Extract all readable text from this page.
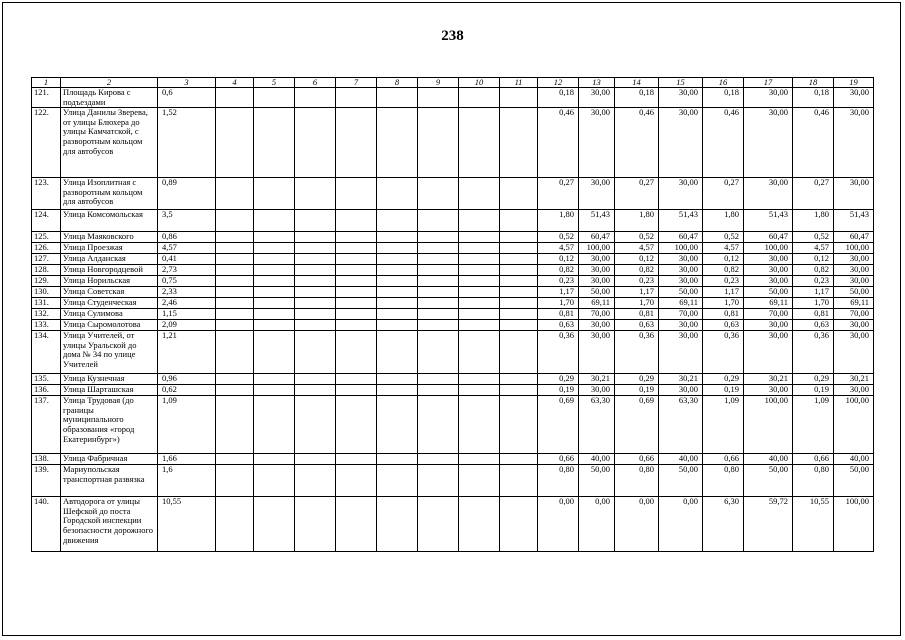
238
1	2	3	4	5	6	7	8	9	10	11	12	13	14	15	16	17	18	19
121.	Площадь Кирова с подъездами	0,6									0,18	30,00	0,18	30,00	0,18	30,00	0,18	30,00
122.	Улица Данилы Зверева, от улицы Блюхера до улицы Камчатской, с разворотным кольцом для автобусов	1,52									0,46	30,00	0,46	30,00	0,46	30,00	0,46	30,00
123.	Улица Изоплитная с разворотным кольцом для автобусов	0,89									0,27	30,00	0,27	30,00	0,27	30,00	0,27	30,00
124.	Улица Комсомольская	3,5									1,80	51,43	1,80	51,43	1,80	51,43	1,80	51,43
125.	Улица Маяковского	0,86									0,52	60,47	0,52	60,47	0,52	60,47	0,52	60,47
126.	Улица Проезжая	4,57									4,57	100,00	4,57	100,00	4,57	100,00	4,57	100,00
127.	Улица Алданская	0,41									0,12	30,00	0,12	30,00	0,12	30,00	0,12	30,00
128.	Улица Новгородцевой	2,73									0,82	30,00	0,82	30,00	0,82	30,00	0,82	30,00
129.	Улица Норильская	0,75									0,23	30,00	0,23	30,00	0,23	30,00	0,23	30,00
130.	Улица Советская	2,33									1,17	50,00	1,17	50,00	1,17	50,00	1,17	50,00
131.	Улица Студенческая	2,46									1,70	69,11	1,70	69,11	1,70	69,11	1,70	69,11
132.	Улица Сулимова	1,15									0,81	70,00	0,81	70,00	0,81	70,00	0,81	70,00
133.	Улица Сыромолотова	2,09									0,63	30,00	0,63	30,00	0,63	30,00	0,63	30,00
134.	Улица Учителей, от улицы Уральской до дома № 34 по улице Учителей	1,21									0,36	30,00	0,36	30,00	0,36	30,00	0,36	30,00
135.	Улица Кузнечная	0,96									0,29	30,21	0,29	30,21	0,29	30,21	0,29	30,21
136.	Улица Шарташская	0,62									0,19	30,00	0,19	30,00	0,19	30,00	0,19	30,00
137.	Улица Трудовая (до границы муниципального образования «город Екатеринбург»)	1,09									0,69	63,30	0,69	63,30	1,09	100,00	1,09	100,00
138.	Улица Фабричная	1,66									0,66	40,00	0,66	40,00	0,66	40,00	0,66	40,00
139.	Мариупольская транспортная развязка	1,6									0,80	50,00	0,80	50,00	0,80	50,00	0,80	50,00
140.	Автодорога от улицы Шефской до поста Городской инспекции безопасности дорожного движения	10,55									0,00	0,00	0,00	0,00	6,30	59,72	10,55	100,00
